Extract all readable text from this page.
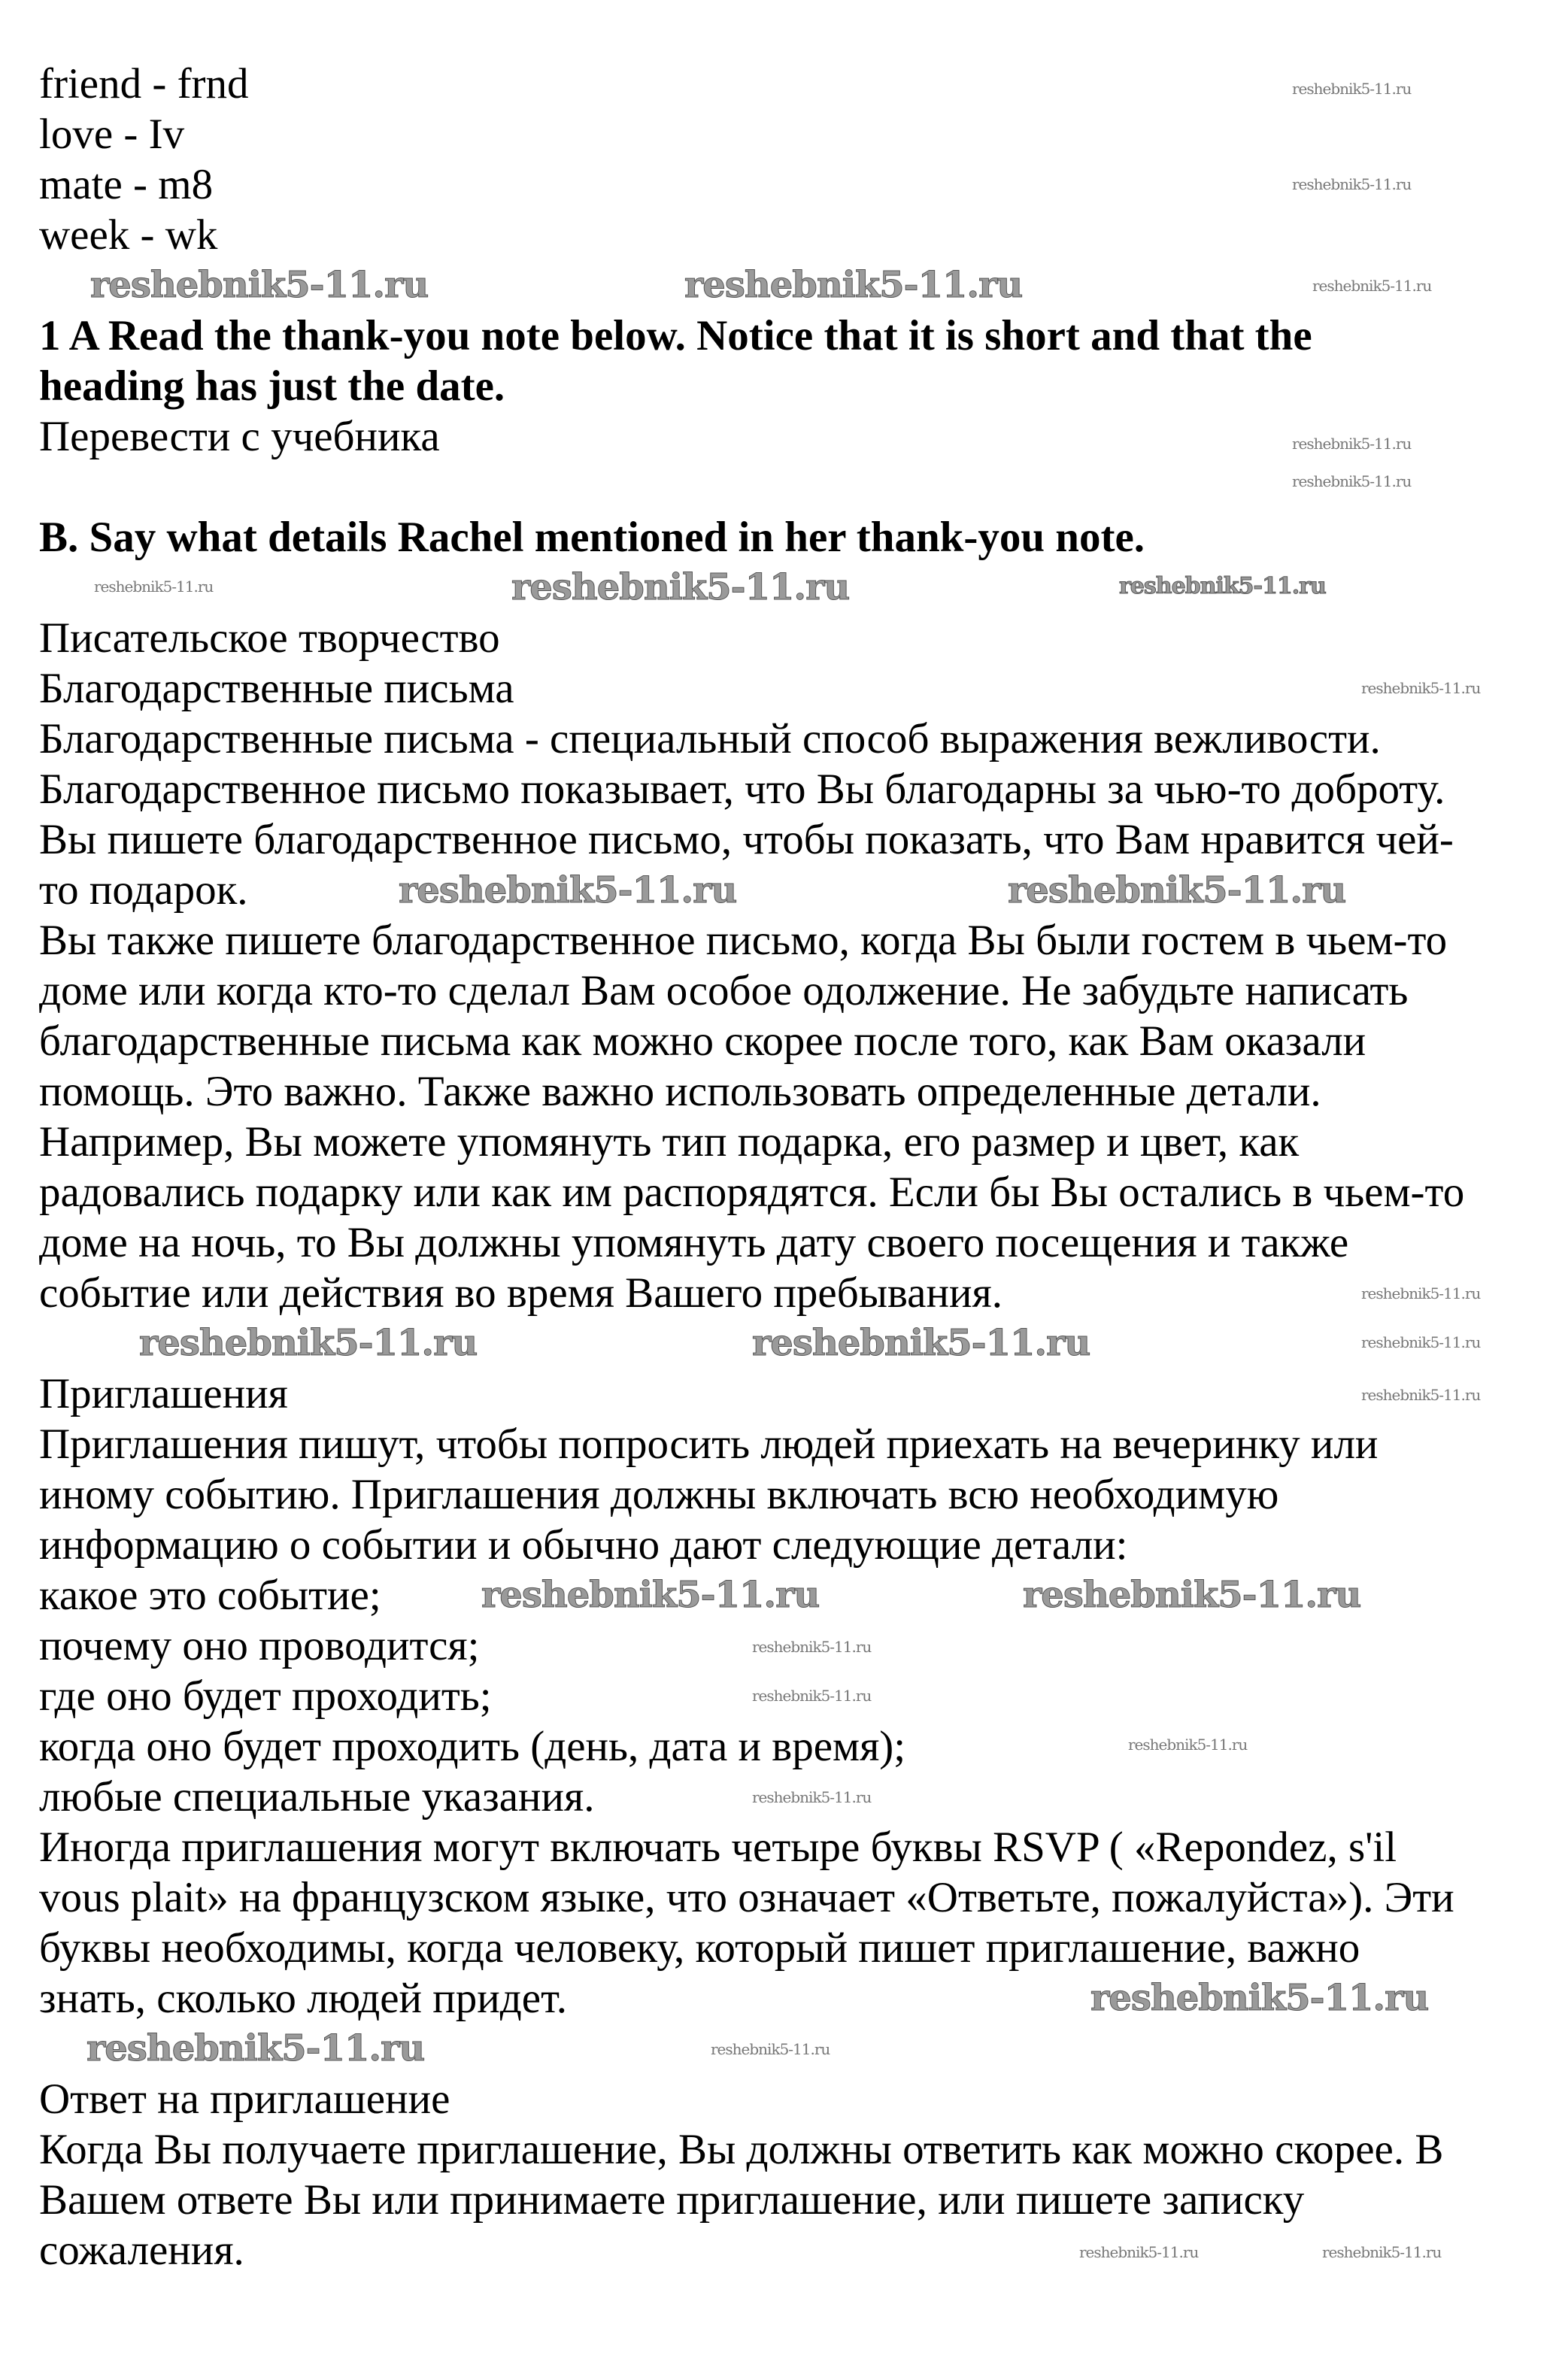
friend - frnd

love - Iv

mate - m8

week - wk

1 A Read the thank-you note below. Notice that it is short and that the

heading has just the date.

Перевести с учебника

B. Say what details Rachel mentioned in her thank-you note.

Писательское творчество

Благодарственные письма

Благодарственные письма - специальный способ выражения вежливости.

Благодарственное письмо показывает, что Вы благодарны за чью-то доброту.

Вы пишете благодарственное письмо, чтобы показать, что Вам нравится чей-

то подарок.

Вы также пишете благодарственное письмо, когда Вы были гостем в чьем-то

доме или когда кто-то сделал Вам особое одолжение. Не забудьте написать

благодарственные письма как можно скорее после того, как Вам оказали

помощь. Это важно. Также важно использовать определенные детали.

Например, Вы можете упомянуть тип подарка, его размер и цвет, как

радовались подарку или как им распорядятся. Если бы Вы остались в чьем-то

доме на ночь, то Вы должны упомянуть дату своего посещения и также

событие или действия во время Вашего пребывания.

Приглашения

Приглашения пишут, чтобы попросить людей приехать на вечеринку или

иному событию. Приглашения должны включать всю необходимую

информацию о событии и обычно дают следующие детали:

какое это событие;

почему оно проводится;

где оно будет проходить;

когда оно будет проходить (день, дата и время);

любые специальные указания.

Иногда приглашения могут включать четыре буквы RSVP ( «Repondez, s'il

vous plait» на французском языке, что означает «Ответьте, пожалуйста»). Эти

буквы необходимы, когда человеку, который пишет приглашение, важно

знать, сколько людей придет.

Ответ на приглашение

Когда Вы получаете приглашение, Вы должны ответить как можно скорее. В

Вашем ответе Вы или принимаете приглашение, или пишете записку

сожаления.

reshebnik5-11.ru	reshebnik5-11.ru
reshebnik5-11.ru
reshebnik5-11.ru	reshebnik5-11.ru
reshebnik5-11.ru	reshebnik5-11.ru
reshebnik5-11.ru	reshebnik5-11.ru
reshebnik5-11.ru
reshebnik5-11.ru
reshebnik5-11.ru
reshebnik5-11.ru
reshebnik5-11.ru
reshebnik5-11.ru
reshebnik5-11.ru
reshebnik5-11.ru	reshebnik5-11.ru
reshebnik5-11.ru
reshebnik5-11.ru
reshebnik5-11.ru
reshebnik5-11.ru
reshebnik5-11.ru
reshebnik5-11.ru
reshebnik5-11.ru
reshebnik5-11.ru
reshebnik5-11.ru
reshebnik5-11.ru	reshebnik5-11.ru
